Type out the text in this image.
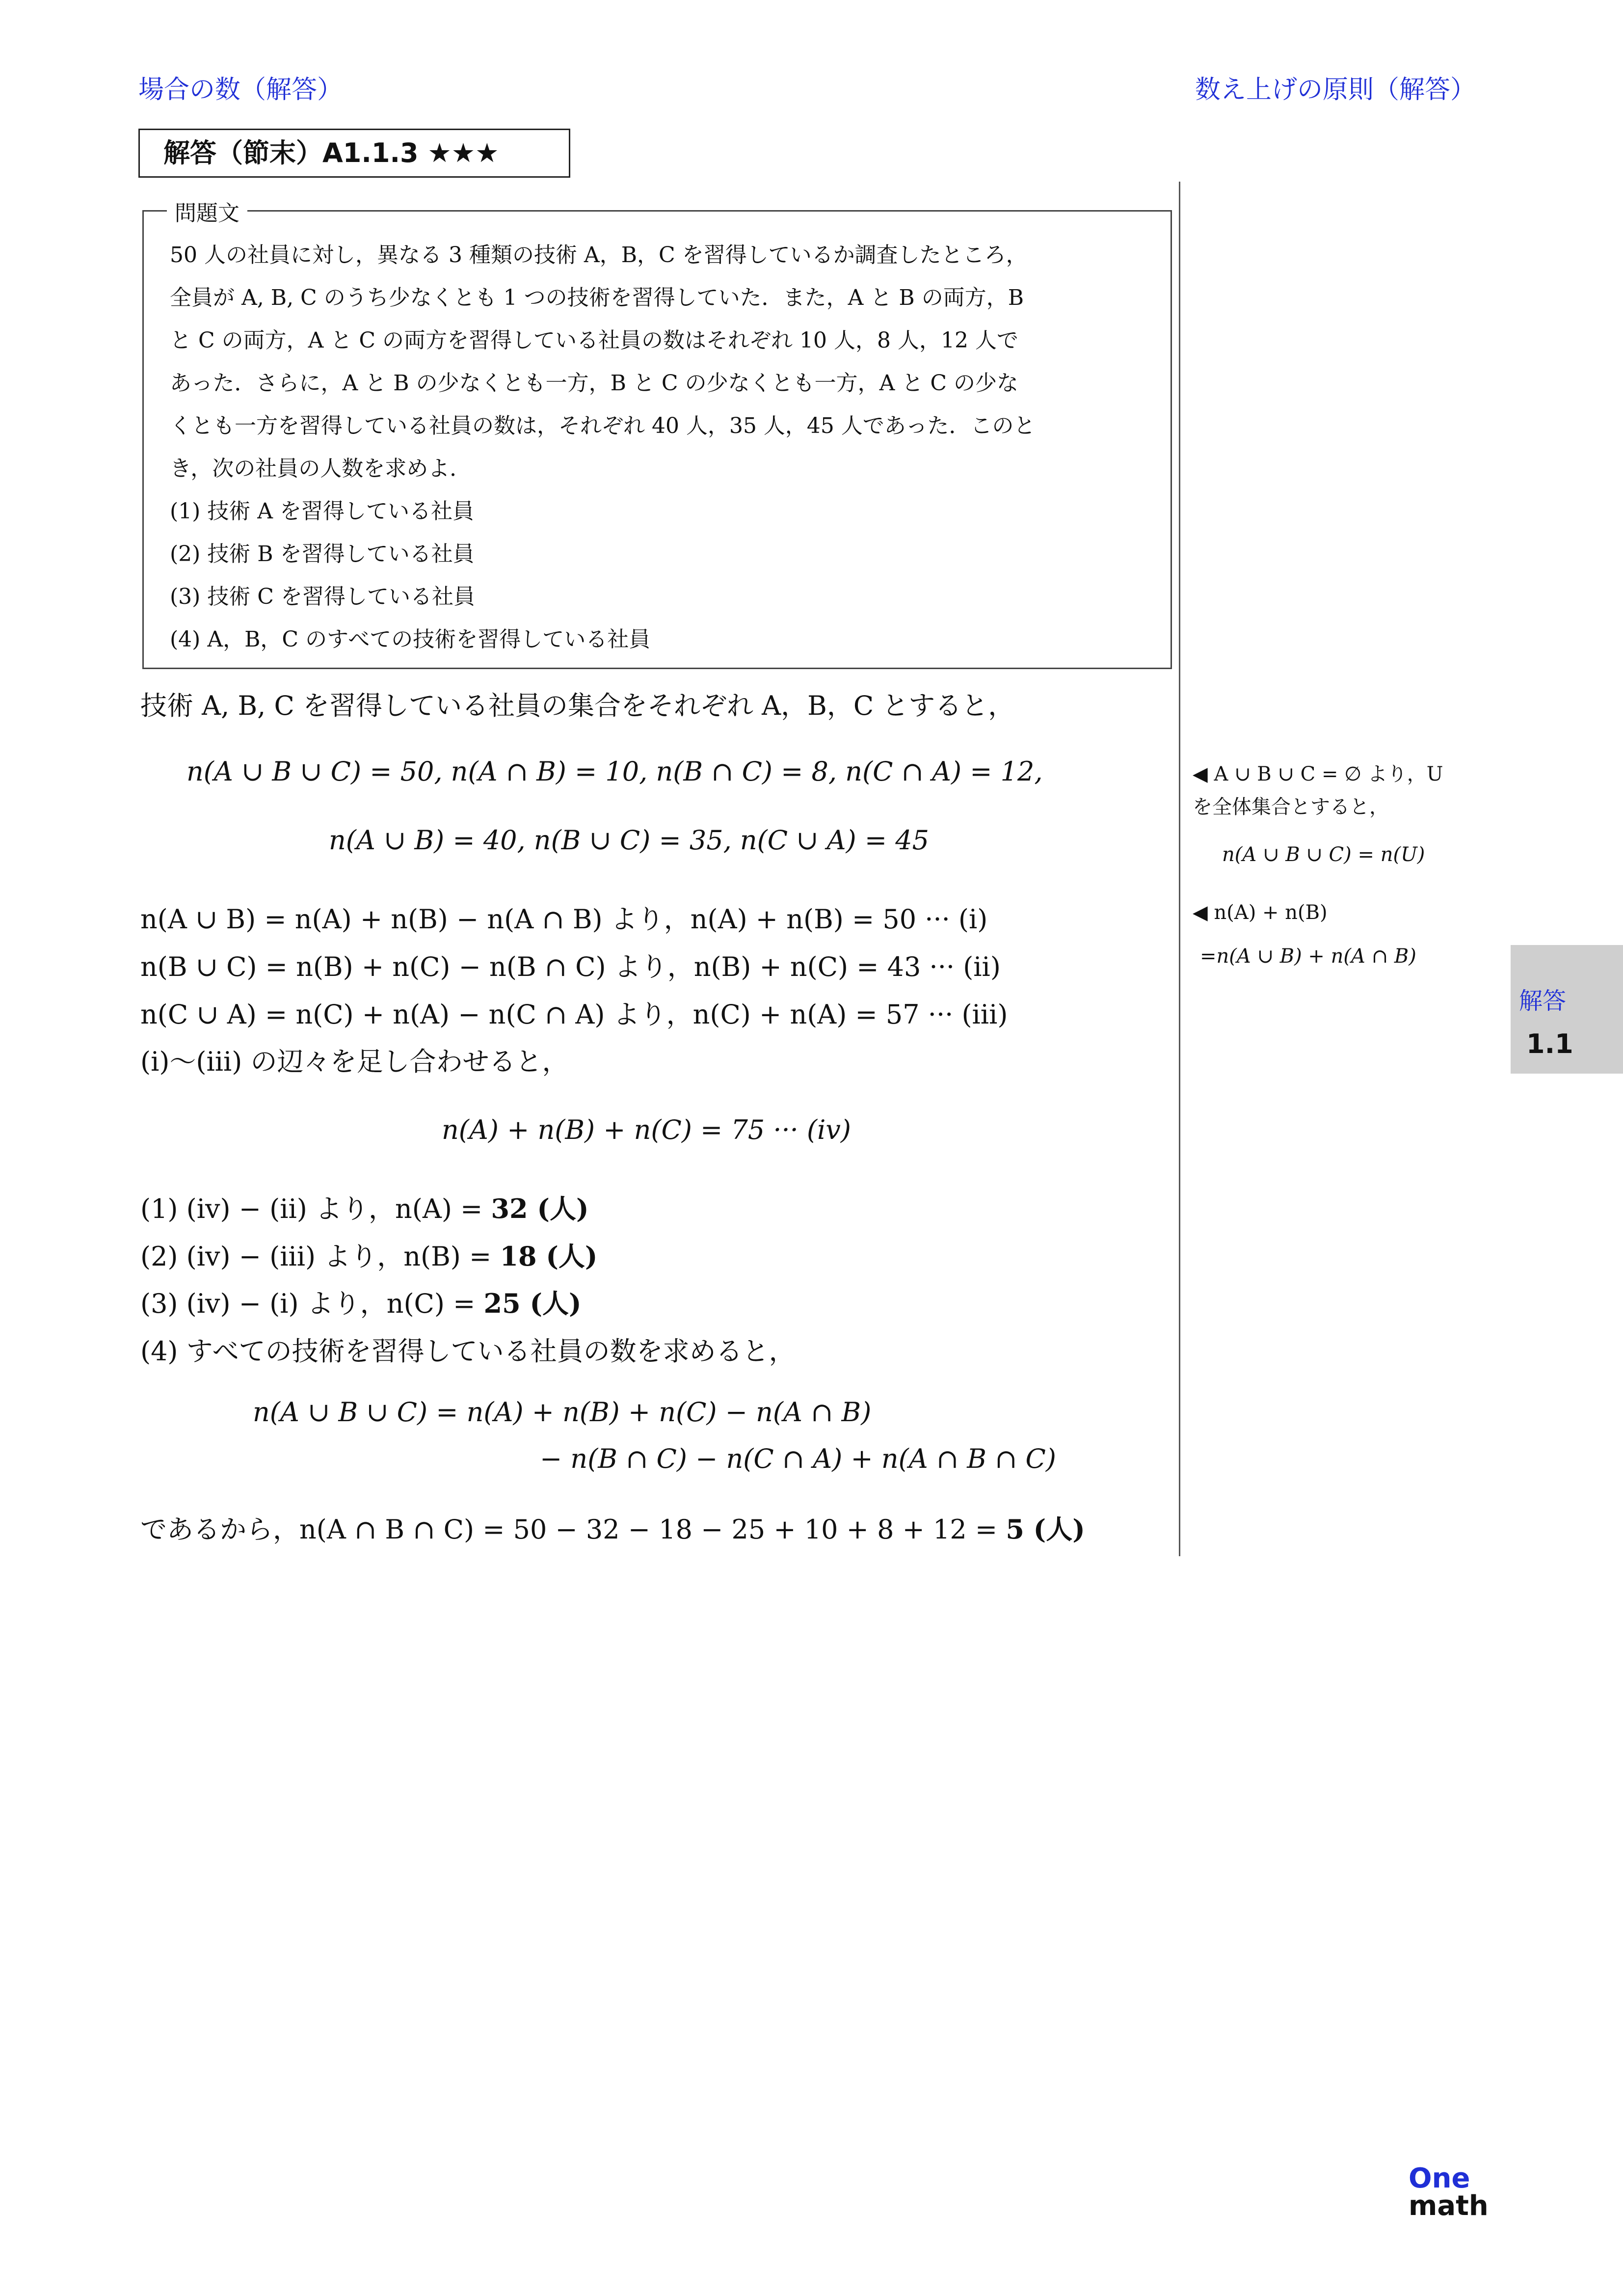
場合の数（解答）	数え上げの原則（解答）
解答（節末）A1.1.3 ★★★
問題文
50 人の社員に対し，異なる 3 種類の技術 A，B，C を習得しているか調査したところ，
全員が A, B, C のうち少なくとも 1 つの技術を習得していた．また，A と B の両方，B
と C の両方，A と C の両方を習得している社員の数はそれぞれ 10 人，8 人，12 人で
あった．さらに，A と B の少なくとも一方，B と C の少なくとも一方，A と C の少な
くとも一方を習得している社員の数は，それぞれ 40 人，35 人，45 人であった．このと
き，次の社員の人数を求めよ．
(1) 技術 A を習得している社員
(2) 技術 B を習得している社員
(3) 技術 C を習得している社員
(4) A，B，C のすべての技術を習得している社員
技術 A, B, C を習得している社員の集合をそれぞれ A，B，C とすると，
n(A ∪ B ∪ C) = 50, n(A ∩ B) = 10, n(B ∩ C) = 8, n(C ∩ A) = 12,
n(A ∪ B) = 40, n(B ∪ C) = 35, n(C ∪ A) = 45
n(A ∪ B) = n(A) + n(B) − n(A ∩ B) より，n(A) + n(B) = 50 ··· (i)
n(B ∪ C) = n(B) + n(C) − n(B ∩ C) より，n(B) + n(C) = 43 ··· (ii)
n(C ∪ A) = n(C) + n(A) − n(C ∩ A) より，n(C) + n(A) = 57 ··· (iii)
(i)〜(iii) の辺々を足し合わせると，
n(A) + n(B) + n(C) = 75 ··· (iv)
(1) (iv) − (ii) より，n(A) = 32 (人)
(2) (iv) − (iii) より，n(B) = 18 (人)
(3) (iv) − (i) より，n(C) = 25 (人)
(4) すべての技術を習得している社員の数を求めると，
n(A ∪ B ∪ C) = n(A) + n(B) + n(C) − n(A ∩ B)
− n(B ∩ C) − n(C ∩ A) + n(A ∩ B ∩ C)
であるから，n(A ∩ B ∩ C) = 50 − 32 − 18 − 25 + 10 + 8 + 12 = 5 (人)
◀ A ∪ B ∪ C = ∅ より，U
を全体集合とすると，
n(A ∪ B ∪ C) = n(U)
◀ n(A) + n(B)
=n(A ∪ B) + n(A ∩ B)
解答
1.1
One
math
